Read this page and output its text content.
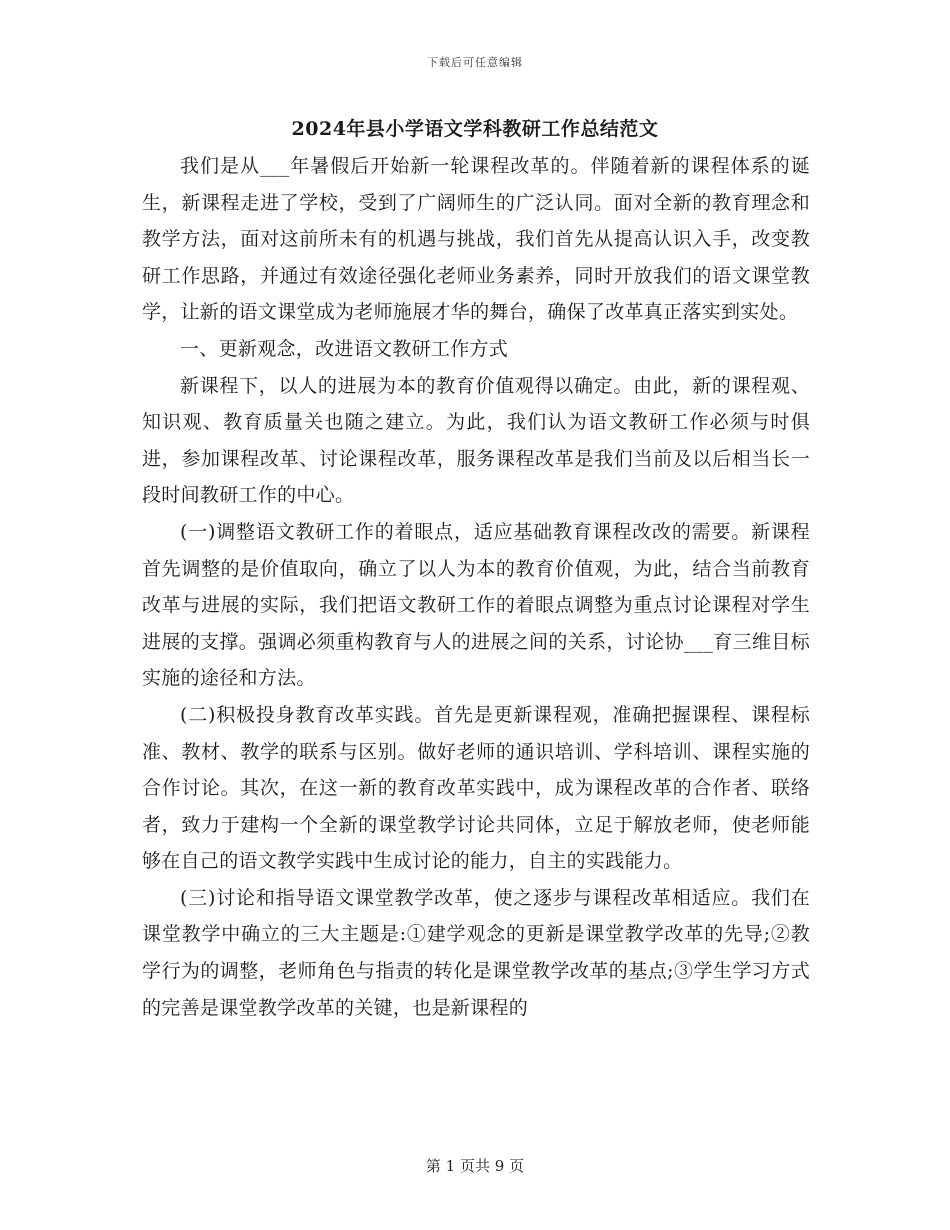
下载后可任意编辑
2024年县小学语文学科教研工作总结范文

我们是从___年暑假后开始新一轮课程改革的。伴随着新的课程体系的诞生，新课程走进了学校，受到了广阔师生的广泛认同。面对全新的教育理念和教学方法，面对这前所未有的机遇与挑战，我们首先从提高认识入手，改变教研工作思路，并通过有效途径强化老师业务素养，同时开放我们的语文课堂教学，让新的语文课堂成为老师施展才华的舞台，确保了改革真正落实到实处。

一、更新观念，改进语文教研工作方式

新课程下，以人的进展为本的教育价值观得以确定。由此，新的课程观、知识观、教育质量关也随之建立。为此，我们认为语文教研工作必须与时俱进，参加课程改革、讨论课程改革，服务课程改革是我们当前及以后相当长一段时间教研工作的中心。

(一)调整语文教研工作的着眼点，适应基础教育课程改改的需要。新课程首先调整的是价值取向，确立了以人为本的教育价值观，为此，结合当前教育改革与进展的实际，我们把语文教研工作的着眼点调整为重点讨论课程对学生进展的支撑。强调必须重构教育与人的进展之间的关系，讨论协___育三维目标实施的途径和方法。

(二)积极投身教育改革实践。首先是更新课程观，准确把握课程、课程标准、教材、教学的联系与区别。做好老师的通识培训、学科培训、课程实施的合作讨论。其次，在这一新的教育改革实践中，成为课程改革的合作者、联络者，致力于建构一个全新的课堂教学讨论共同体，立足于解放老师，使老师能够在自己的语文教学实践中生成讨论的能力，自主的实践能力。

(三)讨论和指导语文课堂教学改革，使之逐步与课程改革相适应。我们在课堂教学中确立的三大主题是:①建学观念的更新是课堂教学改革的先导;②教学行为的调整，老师角色与指责的转化是课堂教学改革的基点;③学生学习方式的完善是课堂教学改革的关键，也是新课程的

第 1 页共 9 页
